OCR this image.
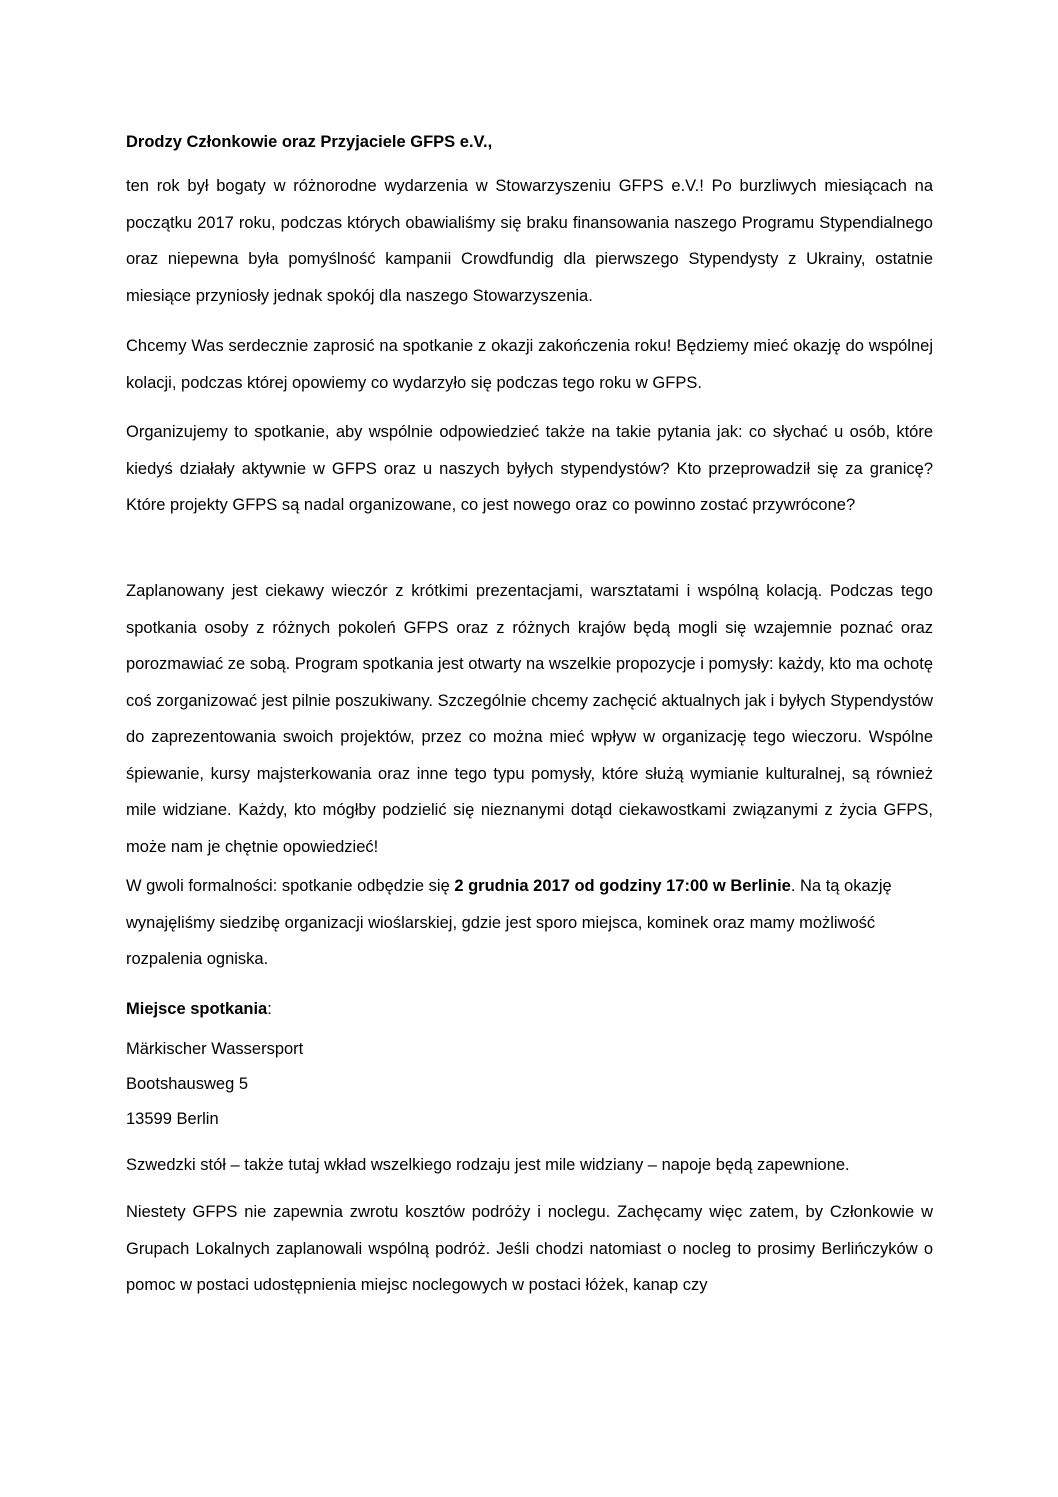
Drodzy Członkowie oraz Przyjaciele GFPS e.V.,

ten rok był bogaty w różnorodne wydarzenia w Stowarzyszeniu GFPS e.V.! Po burzliwych miesiącach na początku 2017 roku, podczas których obawialiśmy się braku finansowania naszego Programu Stypendialnego oraz niepewna była pomyślność kampanii Crowdfundig dla pierwszego Stypendysty z Ukrainy, ostatnie miesiące przyniosły jednak spokój dla naszego Stowarzyszenia.

Chcemy Was serdecznie zaprosić na spotkanie z okazji zakończenia roku! Będziemy mieć okazję do wspólnej kolacji, podczas której opowiemy co wydarzyło się podczas tego roku w GFPS.

Organizujemy to spotkanie, aby wspólnie odpowiedzieć także na takie pytania jak: co słychać u osób, które kiedyś działały aktywnie w GFPS oraz u naszych byłych stypendystów? Kto przeprowadził się za granicę? Które projekty GFPS są nadal organizowane, co jest nowego oraz co powinno zostać przywrócone?

Zaplanowany jest ciekawy wieczór z krótkimi prezentacjami, warsztatami i wspólną kolacją. Podczas tego spotkania osoby z różnych pokoleń GFPS oraz z różnych krajów będą mogli się wzajemnie poznać oraz porozmawiać ze sobą. Program spotkania jest otwarty na wszelkie propozycje i pomysły: każdy, kto ma ochotę coś zorganizować jest pilnie poszukiwany. Szczególnie chcemy zachęcić aktualnych jak i byłych Stypendystów do zaprezentowania swoich projektów, przez co można mieć wpływ w organizację tego wieczoru. Wspólne śpiewanie, kursy majsterkowania oraz inne tego typu pomysły, które służą wymianie kulturalnej, są również mile widziane. Każdy, kto mógłby podzielić się nieznanymi dotąd ciekawostkami związanymi z życia GFPS, może nam je chętnie opowiedzieć!

W gwoli formalności: spotkanie odbędzie się 2 grudnia 2017 od godziny 17:00 w Berlinie. Na tą okazję wynajęliśmy siedzibę organizacji wioślarskiej, gdzie jest sporo miejsca, kominek oraz mamy możliwość rozpalenia ogniska.

Miejsce spotkania:

Märkischer Wassersport

Bootshausweg 5

13599 Berlin

Szwedzki stół – także tutaj wkład wszelkiego rodzaju jest mile widziany – napoje będą zapewnione.

Niestety GFPS nie zapewnia zwrotu kosztów podróży i noclegu. Zachęcamy więc zatem, by Członkowie w Grupach Lokalnych zaplanowali wspólną podróż. Jeśli chodzi natomiast o nocleg to prosimy Berlińczyków o pomoc w postaci udostępnienia miejsc noclegowych w postaci łóżek, kanap czy
